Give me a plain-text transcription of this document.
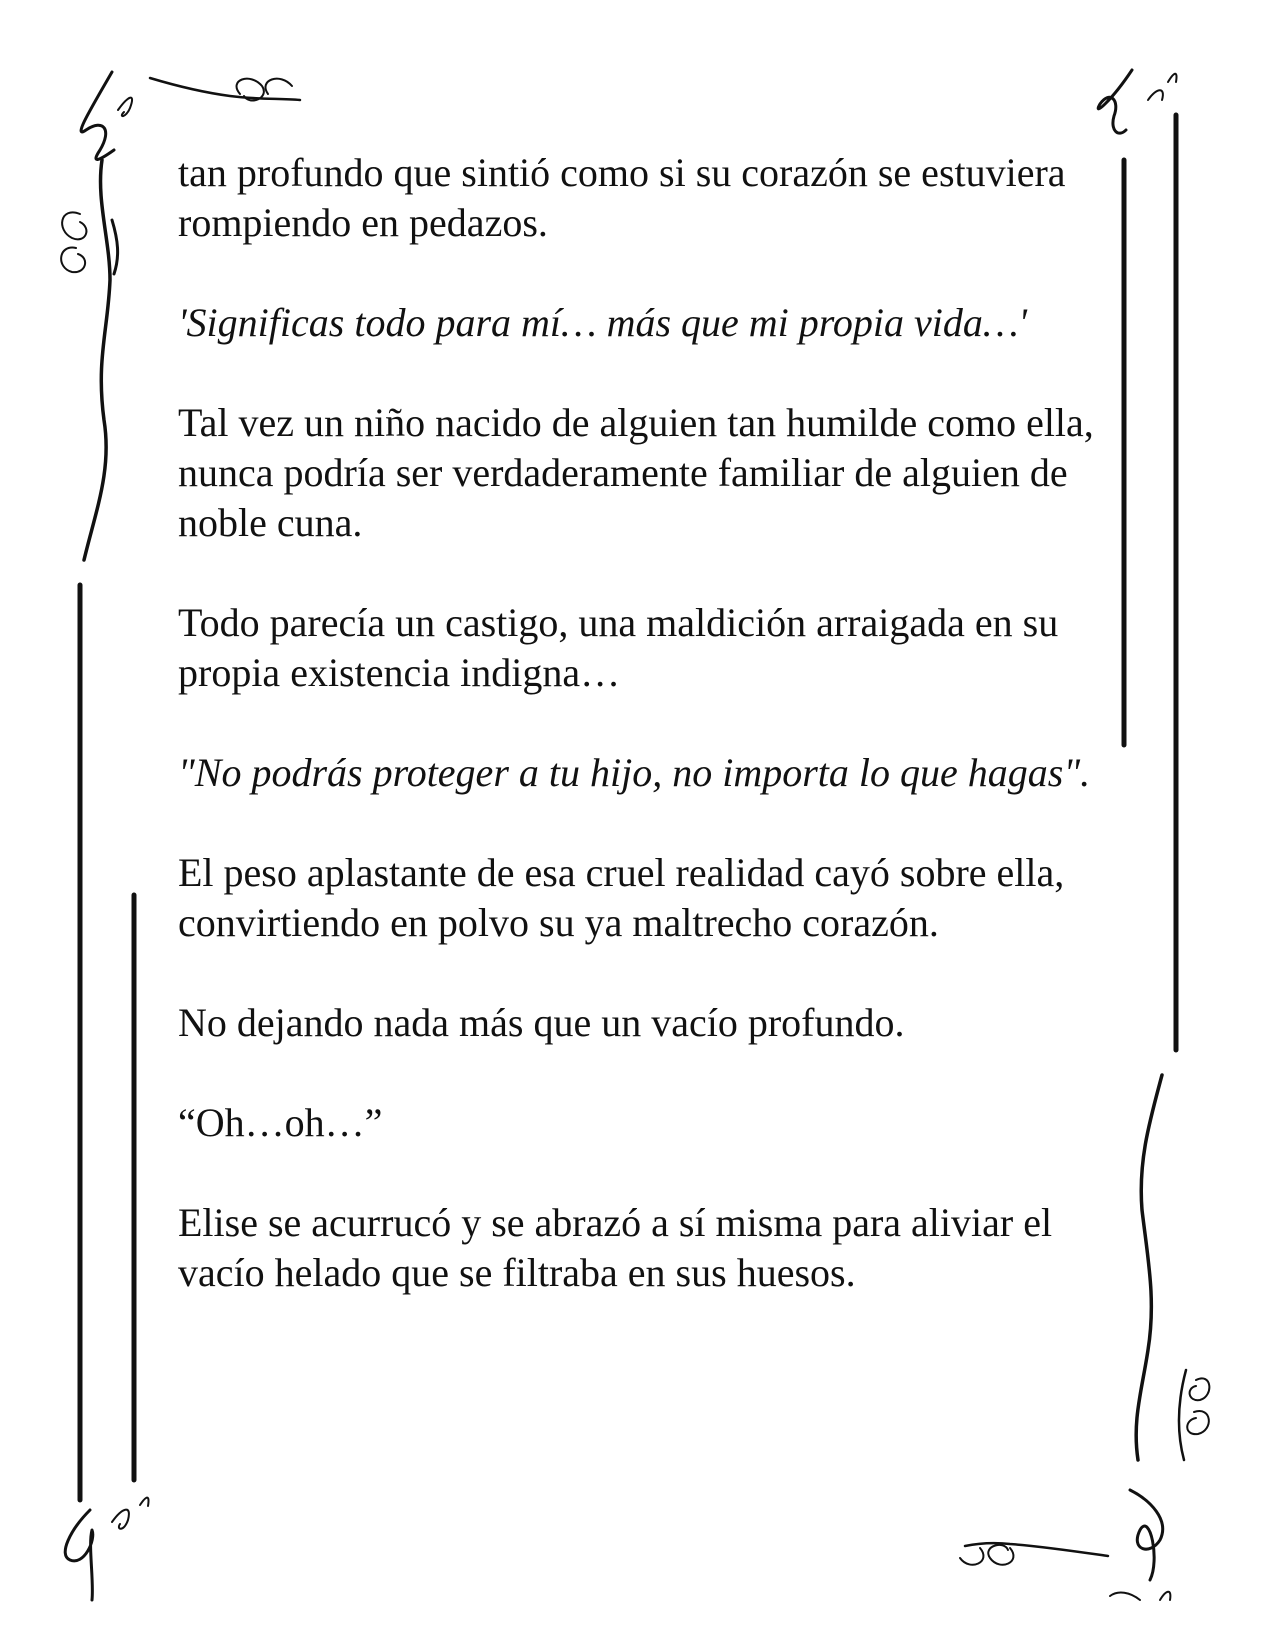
tan profundo que sintió como si su corazón se estuviera rompiendo en pedazos.

'Significas todo para mí… más que mi propia vida…'

Tal vez un niño nacido de alguien tan humilde como ella, nunca podría ser verdaderamente familiar de alguien de noble cuna.

Todo parecía un castigo, una maldición arraigada en su propia existencia indigna…

"No podrás proteger a tu hijo, no importa lo que hagas".

El peso aplastante de esa cruel realidad cayó sobre ella, convirtiendo en polvo su ya maltrecho corazón.

No dejando nada más que un vacío profundo.

“Oh…oh…”

Elise se acurrucó y se abrazó a sí misma para aliviar el vacío helado que se filtraba en sus huesos.
